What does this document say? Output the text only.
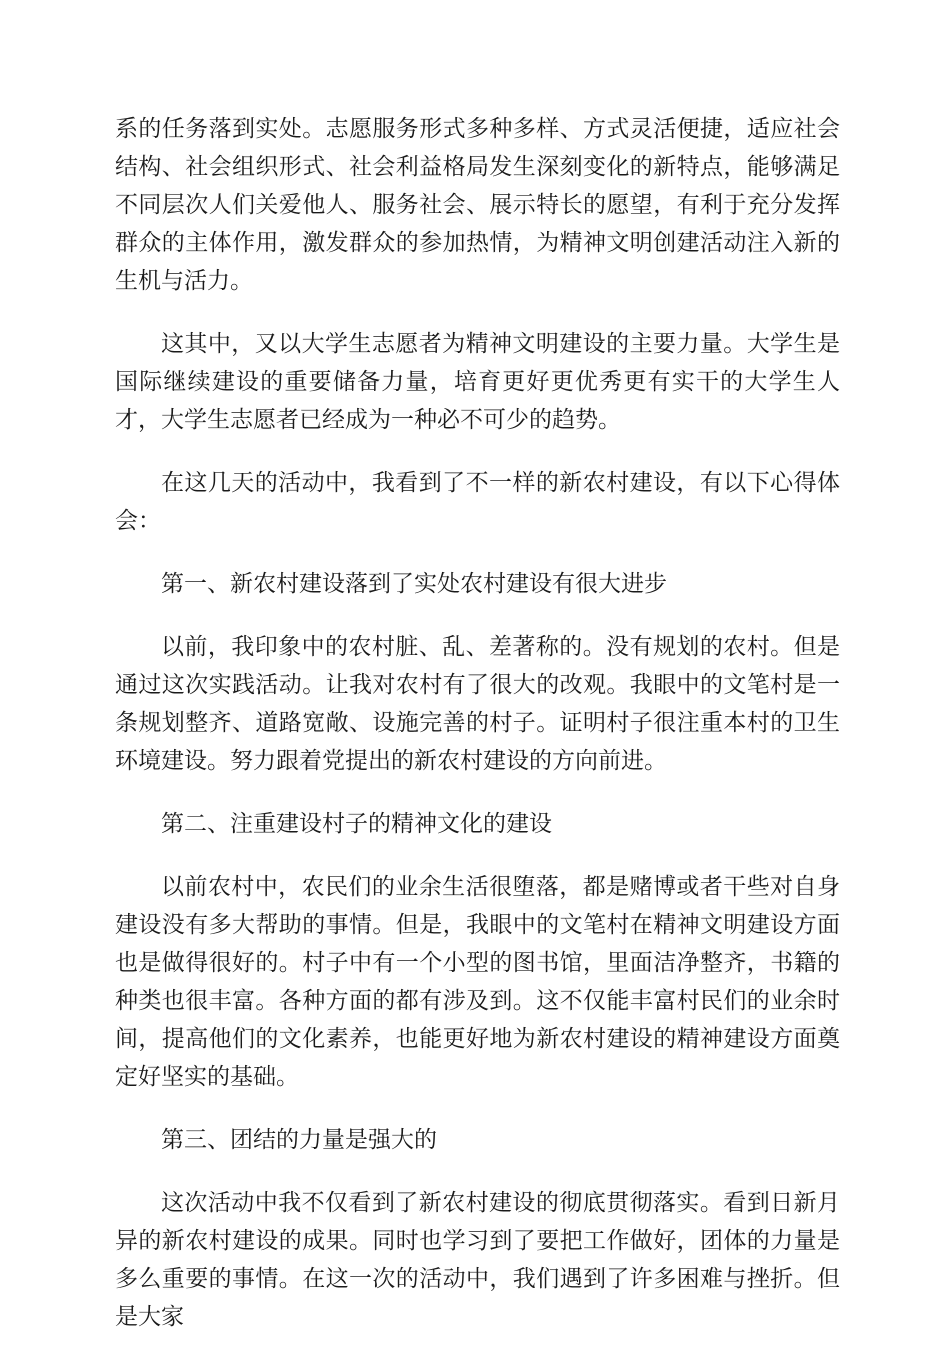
系的任务落到实处。志愿服务形式多种多样、方式灵活便捷，适应社会结构、社会组织形式、社会利益格局发生深刻变化的新特点，能够满足不同层次人们关爱他人、服务社会、展示特长的愿望，有利于充分发挥群众的主体作用，激发群众的参加热情，为精神文明创建活动注入新的生机与活力。

这其中，又以大学生志愿者为精神文明建设的主要力量。大学生是国际继续建设的重要储备力量，培育更好更优秀更有实干的大学生人才，大学生志愿者已经成为一种必不可少的趋势。

在这几天的活动中，我看到了不一样的新农村建设，有以下心得体会：

第一、新农村建设落到了实处农村建设有很大进步

以前，我印象中的农村脏、乱、差著称的。没有规划的农村。但是通过这次实践活动。让我对农村有了很大的改观。我眼中的文笔村是一条规划整齐、道路宽敞、设施完善的村子。证明村子很注重本村的卫生环境建设。努力跟着党提出的新农村建设的方向前进。

第二、注重建设村子的精神文化的建设

以前农村中，农民们的业余生活很堕落，都是赌博或者干些对自身建设没有多大帮助的事情。但是，我眼中的文笔村在精神文明建设方面也是做得很好的。村子中有一个小型的图书馆，里面洁净整齐，书籍的种类也很丰富。各种方面的都有涉及到。这不仅能丰富村民们的业余时间，提高他们的文化素养，也能更好地为新农村建设的精神建设方面奠定好坚实的基础。

第三、团结的力量是强大的

这次活动中我不仅看到了新农村建设的彻底贯彻落实。看到日新月异的新农村建设的成果。同时也学习到了要把工作做好，团体的力量是多么重要的事情。在这一次的活动中，我们遇到了许多困难与挫折。但是大家
